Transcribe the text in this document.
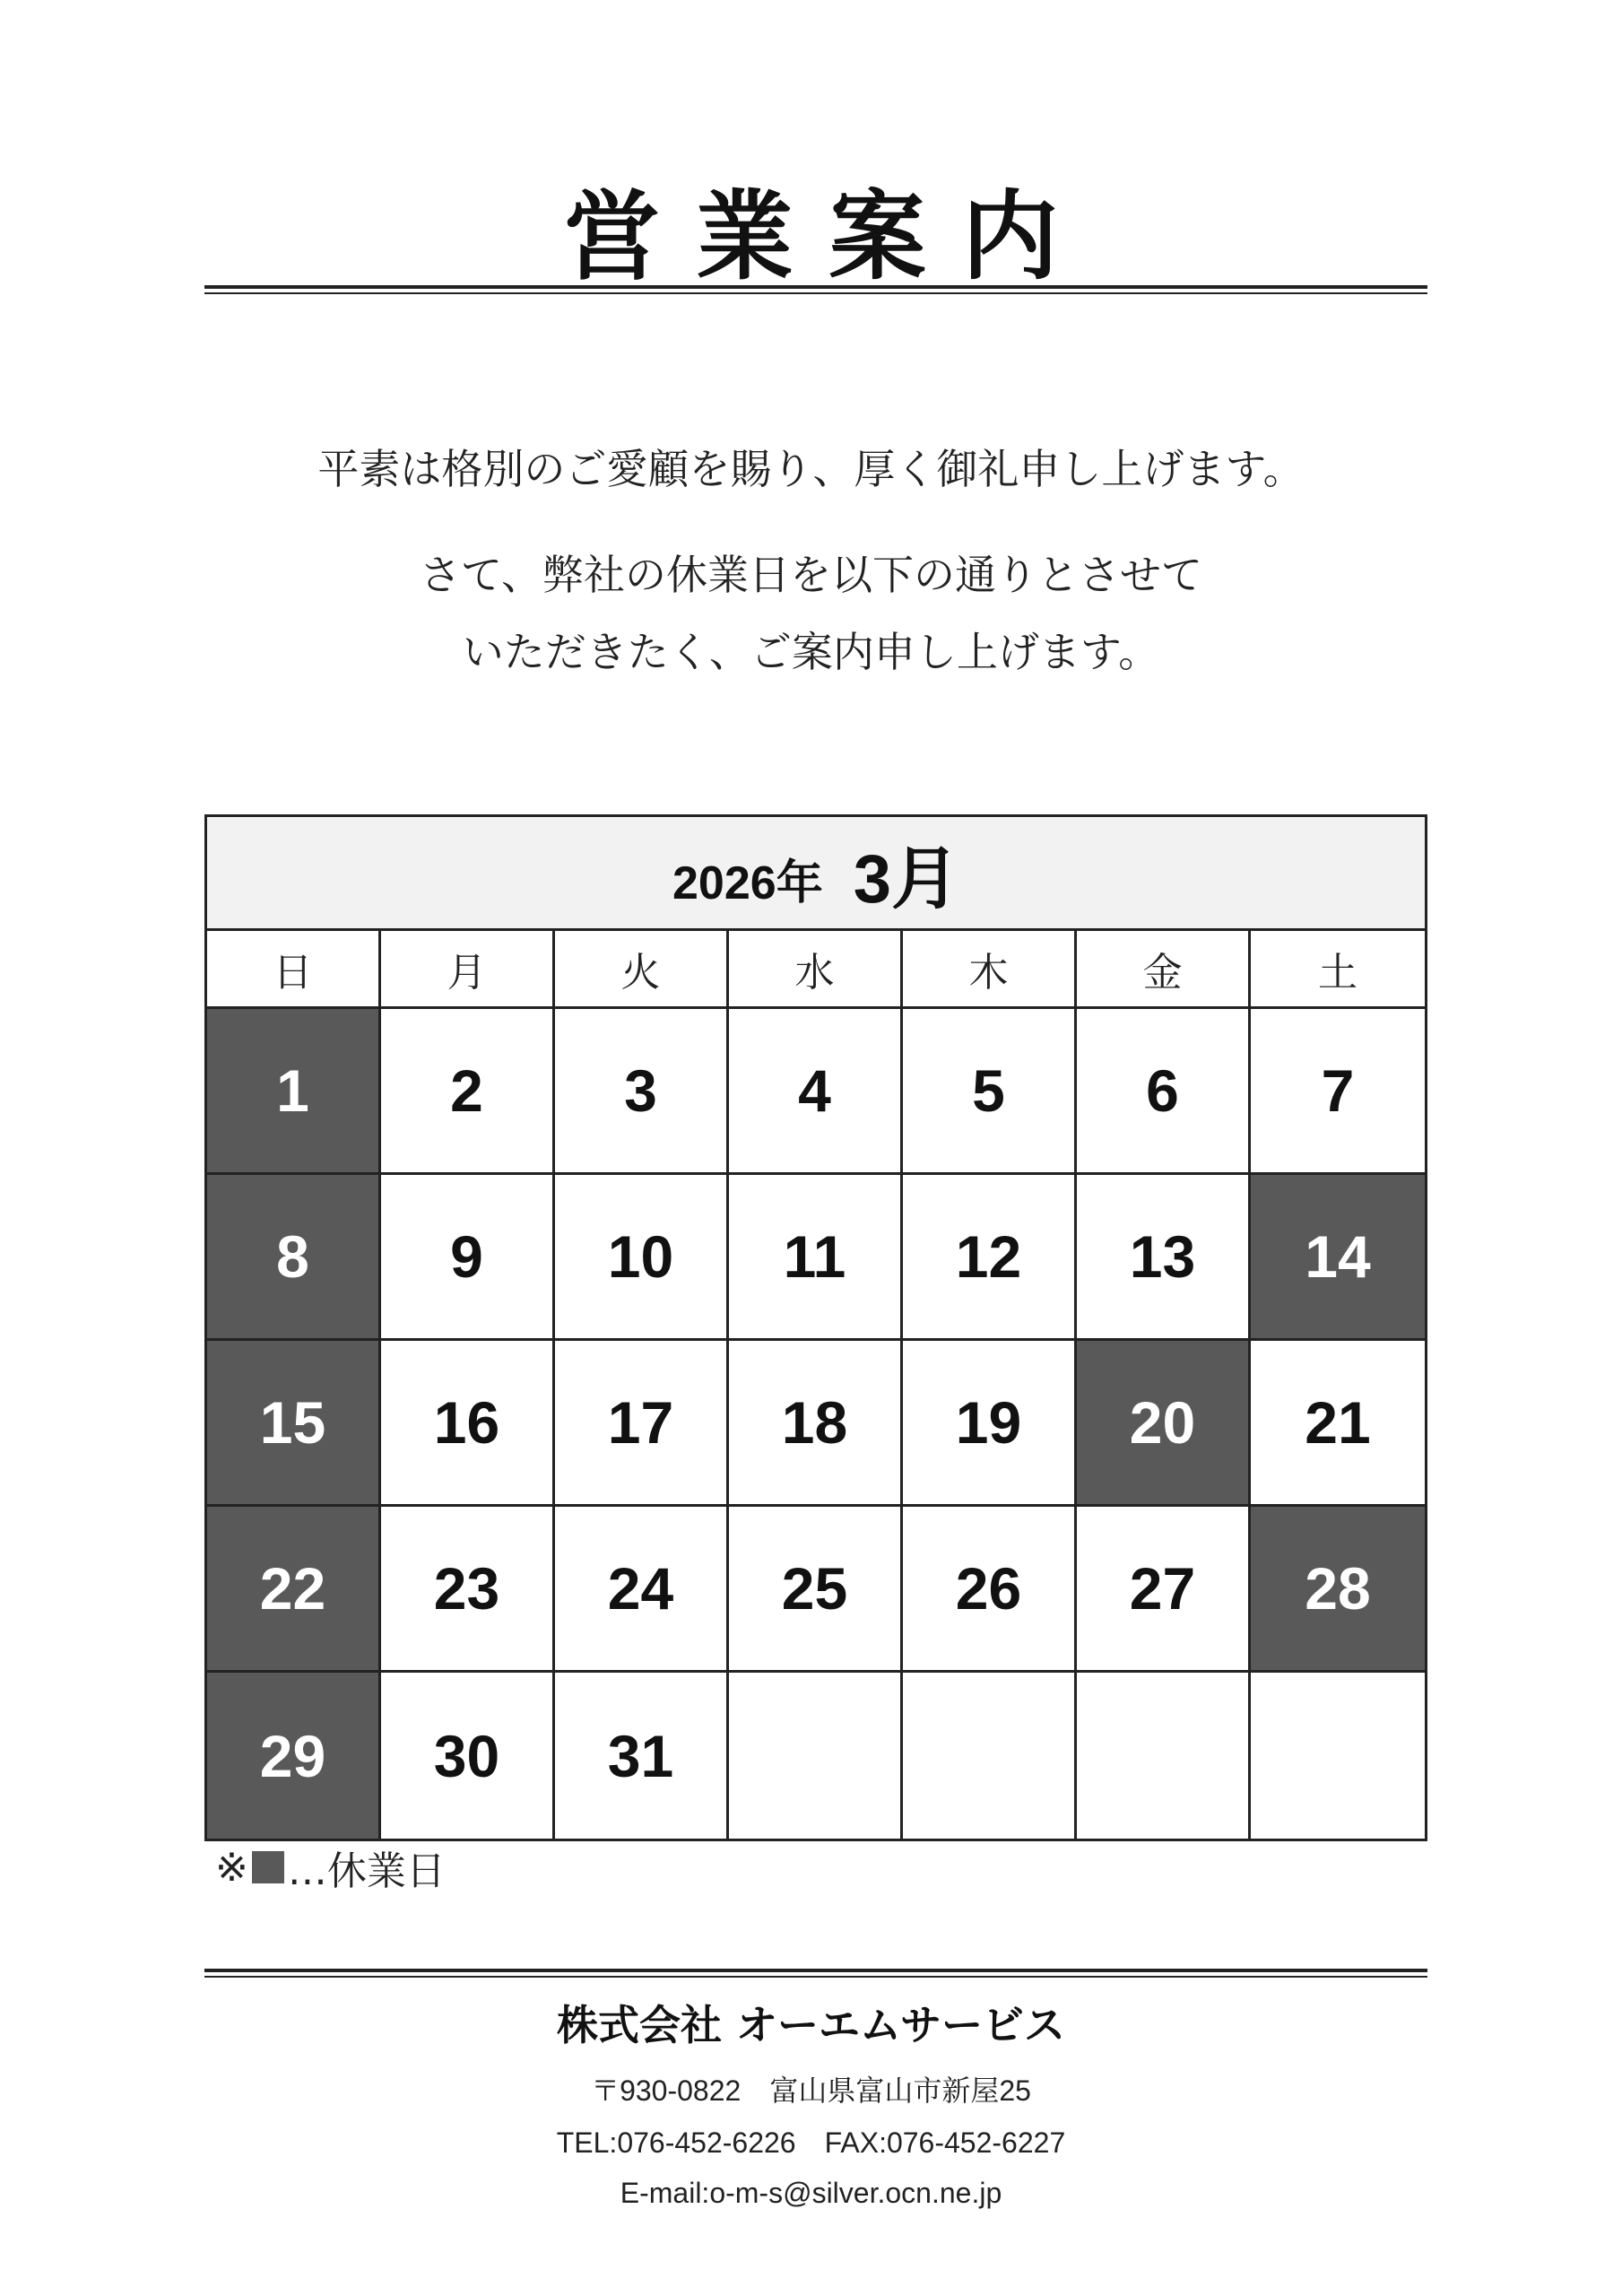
営業案内
平素は格別のご愛顧を賜り、厚く御礼申し上げます。
さて、弊社の休業日を以下の通りとさせて
いただきたく、ご案内申し上げます。
2026年 3月
日	月	火	水	木	金	土
1	2	3	4	5	6	7
8	9	10	11	12	13	14
15	16	17	18	19	20	21
22	23	24	25	26	27	28
29	30	31
※ …休業日
株式会社 オーエムサービス
〒930-0822　富山県富山市新屋25
TEL:076-452-6226　FAX:076-452-6227
E-mail:o-m-s@silver.ocn.ne.jp
